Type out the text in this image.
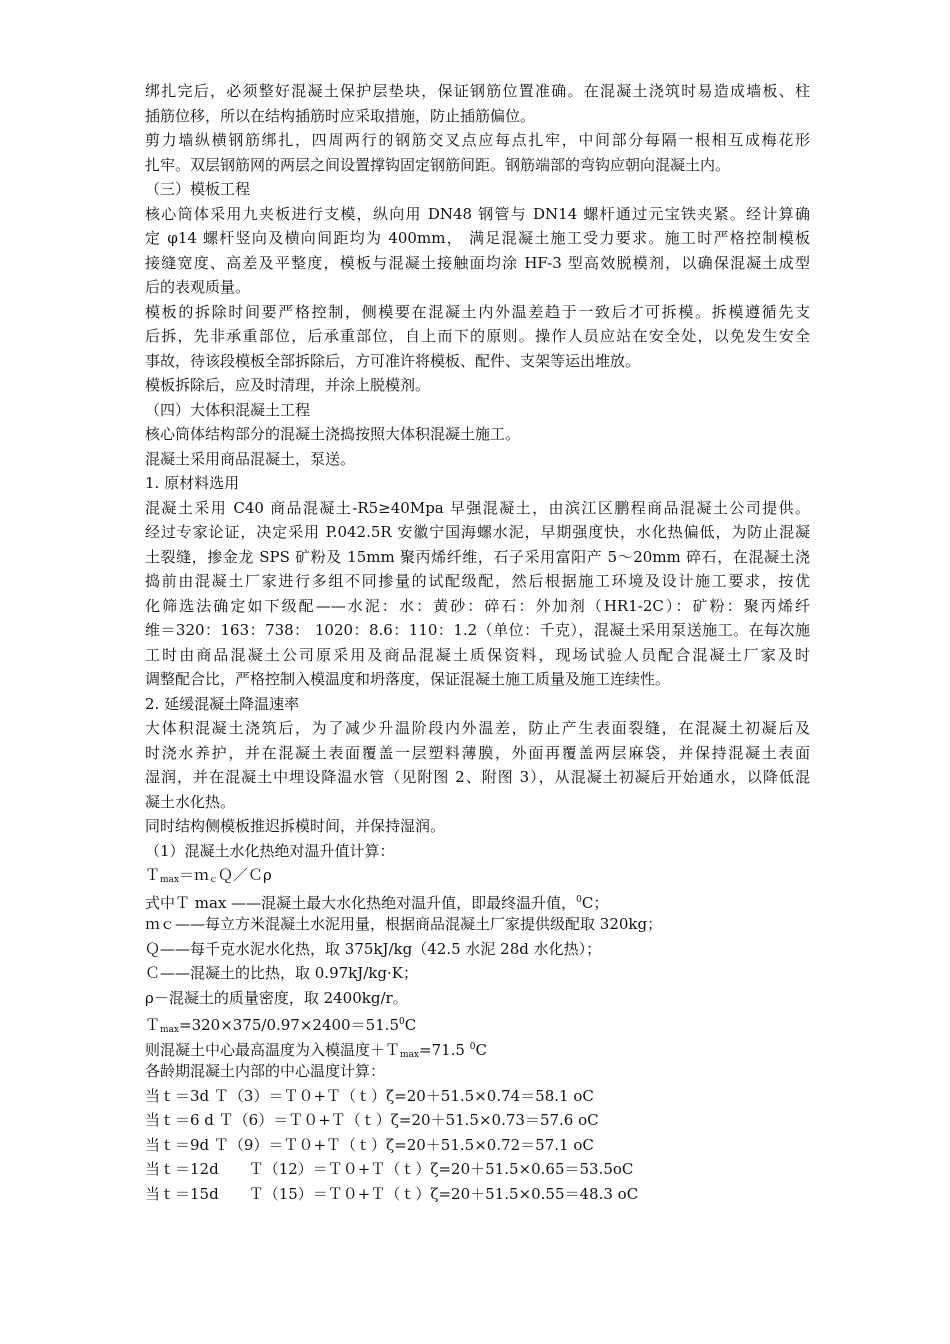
绑扎完后，必须整好混凝土保护层垫块，保证钢筋位置准确。在混凝土浇筑时易造成墙板、柱
插筋位移，所以在结构插筋时应采取措施，防止插筋偏位。
剪力墙纵横钢筋绑扎，四周两行的钢筋交叉点应每点扎牢，中间部分每隔一根相互成梅花形
扎牢。双层钢筋网的两层之间设置撑钩固定钢筋间距。钢筋端部的弯钩应朝向混凝土内。
（三）模板工程
核心筒体采用九夹板进行支模，纵向用 DN48 钢管与 DN14 螺杆通过元宝铁夹紧。经计算确
定 φ14 螺杆竖向及横向间距均为 400mm， 满足混凝土施工受力要求。施工时严格控制模板
接缝宽度、高差及平整度，模板与混凝土接触面均涂 HF-3 型高效脱模剂，以确保混凝土成型
后的表观质量。
模板的拆除时间要严格控制，侧模要在混凝土内外温差趋于一致后才可拆模。拆模遵循先支
后拆，先非承重部位，后承重部位，自上而下的原则。操作人员应站在安全处，以免发生安全
事故，待该段模板全部拆除后，方可准许将模板、配件、支架等运出堆放。
模板拆除后，应及时清理，并涂上脱模剂。
（四）大体积混凝土工程
核心筒体结构部分的混凝土浇捣按照大体积混凝土施工。
混凝土采用商品混凝土，泵送。
1. 原材料选用
混凝土采用 C40 商品混凝土-R5≥40Mpa 早强混凝土，由滨江区鹏程商品混凝土公司提供。
经过专家论证，决定采用 P.042.5R 安徽宁国海螺水泥，早期强度快，水化热偏低，为防止混凝
土裂缝，掺金龙 SPS 矿粉及 15mm 聚丙烯纤维，石子采用富阳产 5～20mm 碎石，在混凝土浇
捣前由混凝土厂家进行多组不同掺量的试配级配，然后根据施工环境及设计施工要求，按优
化筛选法确定如下级配——水泥：水：黄砂：碎石：外加剂（HR1-2C）：矿粉：聚丙烯纤
维＝320：163：738： 1020：8.6：110：1.2（单位：千克），混凝土采用泵送施工。在每次施
工时由商品混凝土公司原采用及商品混凝土质保资料，现场试验人员配合混凝土厂家及时
调整配合比，严格控制入模温度和坍落度，保证混凝土施工质量及施工连续性。
2. 延缓混凝土降温速率
大体积混凝土浇筑后，为了减少升温阶段内外温差，防止产生表面裂缝，在混凝土初凝后及
时浇水养护，并在混凝土表面覆盖一层塑料薄膜，外面再覆盖两层麻袋，并保持混凝土表面
湿润，并在混凝土中埋设降温水管（见附图 2、附图 3），从混凝土初凝后开始通水，以降低混
凝土水化热。
同时结构侧模板推迟拆模时间，并保持湿润。
（1）混凝土水化热绝对温升值计算：
Ｔ$_{max}$＝ｍ$_c$Ｑ／Ｃρ
式中Ｔ max ——混凝土最大水化热绝对温升值，即最终温升值，$^0$C；
ｍｃ——每立方米混凝土水泥用量，根据商品混凝土厂家提供级配取 320kg；
Ｑ——每千克水泥水化热，取 375kJ/kg（42.5 水泥 28d 水化热）；
Ｃ——混凝土的比热，取 0.97kJ/kg·K；
ρ－混凝土的质量密度，取 2400kg/r。
$T_{max}=320\times 375/0.97\times 2400=51.5^0C$
则混凝土中心最高温度为入模温度＋Ｔ$_{max}$=71.5 $^0$C
各龄期混凝土内部的中心温度计算：
当ｔ＝3d Ｔ（3）＝Ｔ０+Ｔ（ｔ）ζ=20＋51.5×0.74＝58.1 oC
当ｔ＝6 d Ｔ（6）＝Ｔ０+Ｔ（ｔ）ζ=20＋51.5×0.73＝57.6 oC
当ｔ＝9d Ｔ（9）＝Ｔ０+Ｔ（ｔ）ζ=20＋51.5×0.72＝57.1 oC
当ｔ＝12d　　Ｔ（12）＝Ｔ０+Ｔ（ｔ）ζ=20＋51.5×0.65＝53.5oC
当ｔ＝15d　　Ｔ（15）＝Ｔ０+Ｔ（ｔ）ζ=20＋51.5×0.55＝48.3 oC
